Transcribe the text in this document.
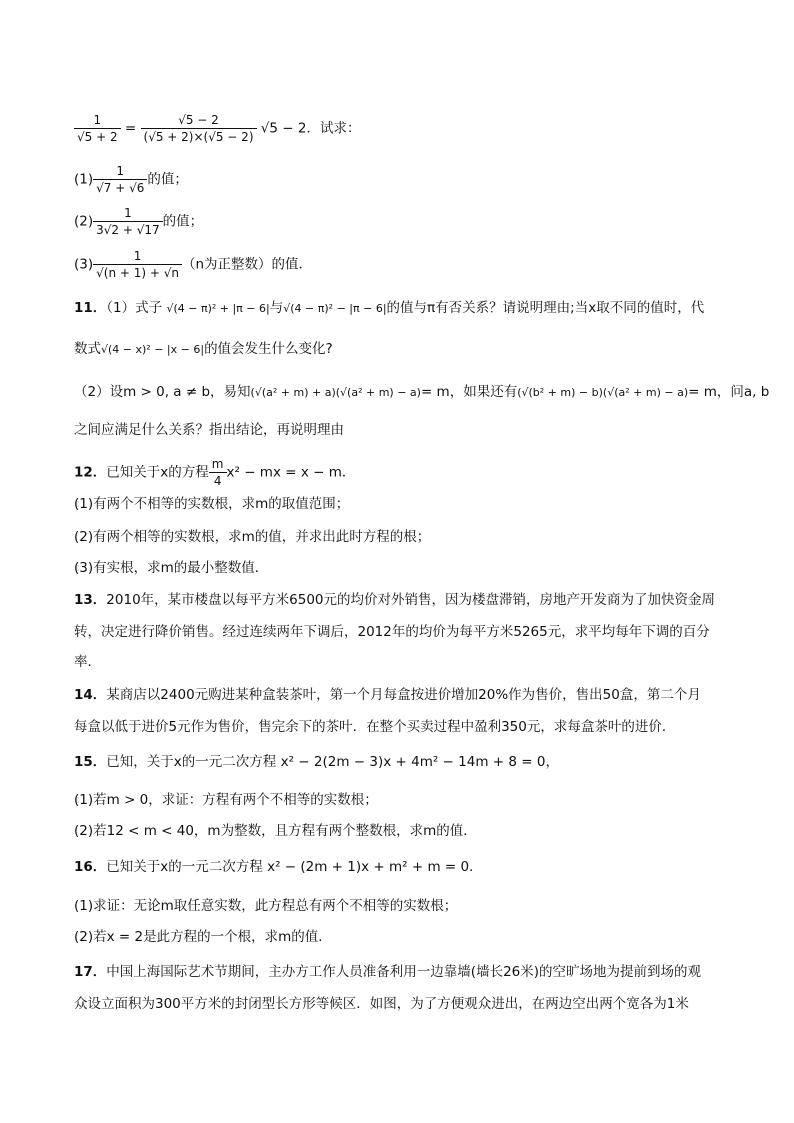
$\frac{1}{√5 + 2} = \frac{√5 - 2}{(√5 + 2)\times(√5 - 2)} √5 - 2$．试求：
$(1) \frac{1}{√7 + √6}$ 的值；
$(2) \frac{1}{3√2 + √17}$ 的值；
$(3) \frac{1}{√(n + 1) + √n} (n$为正整数）的值．
11．（1）式子 √(4 − π)² + |π − 6|与√(4 − π)² − |π − 6|的值与π有否关系？请说明理由;当x取不同的值时，代
数式√(4 − x)² − |x − 6|的值会发生什么变化?
（2）设m > 0, a ≠ b，易知(√(a² + m) + a)(√(a² + m) − a)= m，如果还有(√(b² + m) − b)(√(a² + m) − a)= m，问a, b
之间应满足什么关系？指出结论，再说明理由
12．已知关于x的方程 $\frac{m}{4} x^2$ − mx = x − m．
(1)有两个不相等的实数根，求m的取值范围；
(2)有两个相等的实数根，求m的值，并求出此时方程的根；
(3)有实根，求m的最小整数值．
13．2010年，某市楼盘以每平方米6500元的均价对外销售，因为楼盘滞销，房地产开发商为了加快资金周
转，决定进行降价销售。经过连续两年下调后，2012年的均价为每平方米5265元，求平均每年下调的百分
率．
14．某商店以2400元购进某种盒装茶叶，第一个月每盒按进价增加20%作为售价，售出50盒，第二个月
每盒以低于进价5元作为售价，售完余下的茶叶．在整个买卖过程中盈利350元，求每盒茶叶的进价．
15．已知，关于x的一元二次方程 x² − 2(2m − 3)x + 4m² − 14m + 8 = 0，
(1)若m > 0，求证：方程有两个不相等的实数根；
(2)若12 < m < 40，m为整数，且方程有两个整数根，求m的值．
16．已知关于x的一元二次方程 x² − (2m + 1)x + m² + m = 0．
(1)求证：无论m取任意实数，此方程总有两个不相等的实数根；
(2)若x = 2是此方程的一个根，求m的值．
17．中国上海国际艺术节期间，主办方工作人员准备利用一边靠墙(墙长26米)的空旷场地为提前到场的观
众设立面积为300平方米的封闭型长方形等候区．如图，为了方便观众进出，在两边空出两个宽各为1米
